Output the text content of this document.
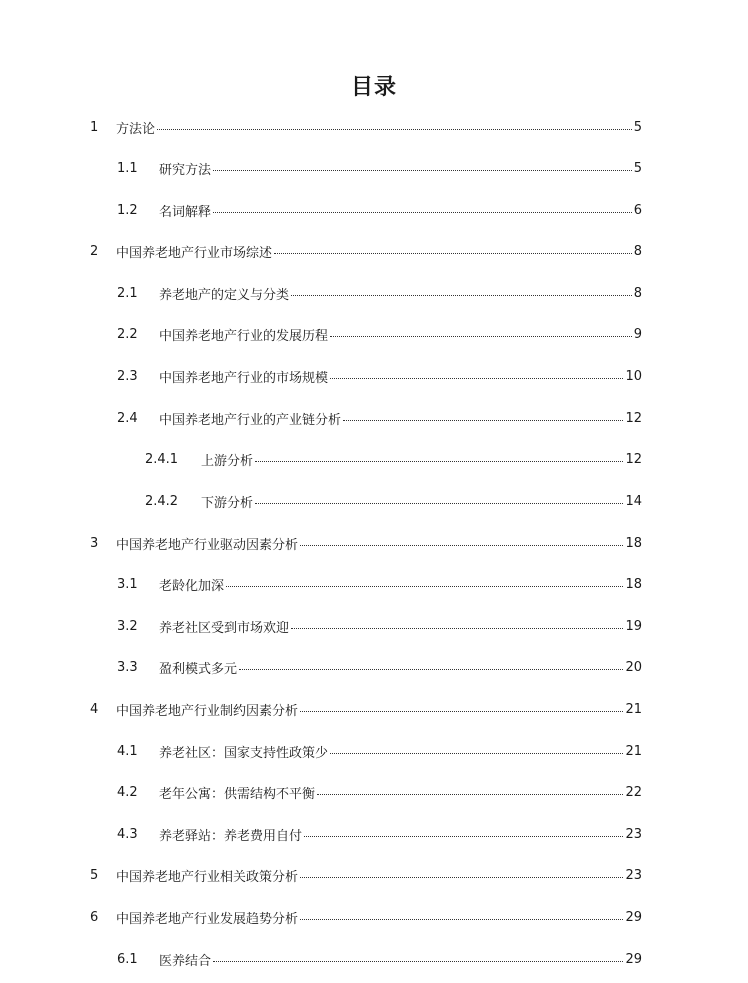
目录
1	方法论	5
1.1	研究方法	5
1.2	名词解释	6
2	中国养老地产行业市场综述	8
2.1	养老地产的定义与分类	8
2.2	中国养老地产行业的发展历程	9
2.3	中国养老地产行业的市场规模	10
2.4	中国养老地产行业的产业链分析	12
2.4.1	上游分析	12
2.4.2	下游分析	14
3	中国养老地产行业驱动因素分析	18
3.1	老龄化加深	18
3.2	养老社区受到市场欢迎	19
3.3	盈利模式多元	20
4	中国养老地产行业制约因素分析	21
4.1	养老社区：国家支持性政策少	21
4.2	老年公寓：供需结构不平衡	22
4.3	养老驿站：养老费用自付	23
5	中国养老地产行业相关政策分析	23
6	中国养老地产行业发展趋势分析	29
6.1	医养结合	29
